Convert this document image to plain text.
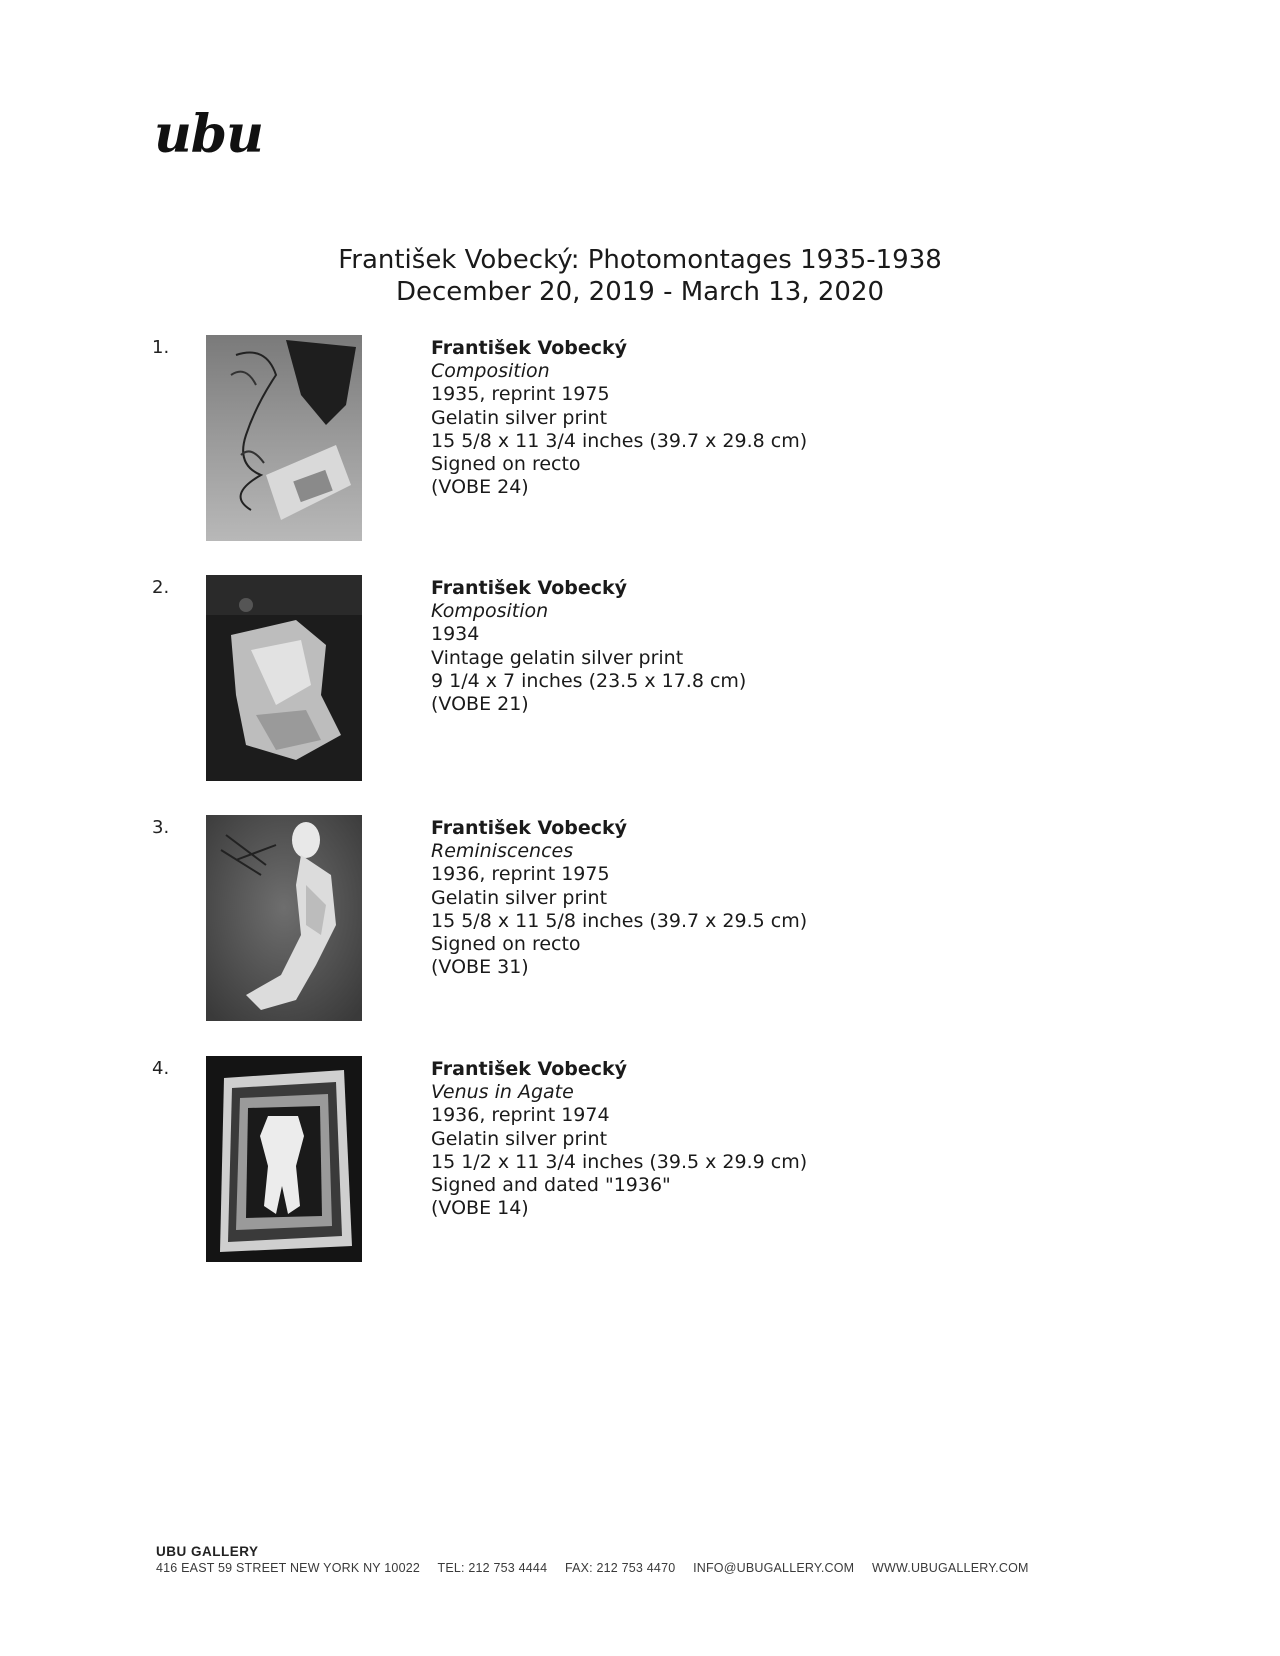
ubu
František Vobecký: Photomontages 1935-1938
December 20, 2019 - March 13, 2020
1.	František Vobecký
Composition
1935, reprint 1975
Gelatin silver print
15 5/8 x 11 3/4 inches (39.7 x 29.8 cm)
Signed on recto
(VOBE 24)
2.	František Vobecký
Komposition
1934
Vintage gelatin silver print
9 1/4 x 7 inches (23.5 x 17.8 cm)
(VOBE 21)
3.	František Vobecký
Reminiscences
1936, reprint 1975
Gelatin silver print
15 5/8 x 11 5/8 inches (39.7 x 29.5 cm)
Signed on recto
(VOBE 31)
4.	František Vobecký
Venus in Agate
1936, reprint 1974
Gelatin silver print
15 1/2 x 11 3/4 inches (39.5 x 29.9 cm)
Signed and dated "1936"
(VOBE 14)
UBU GALLERY
416 EAST 59 STREET NEW YORK NY 10022 TEL: 212 753 4444 FAX: 212 753 4470 INFO@UBUGALLERY.COM WWW.UBUGALLERY.COM
